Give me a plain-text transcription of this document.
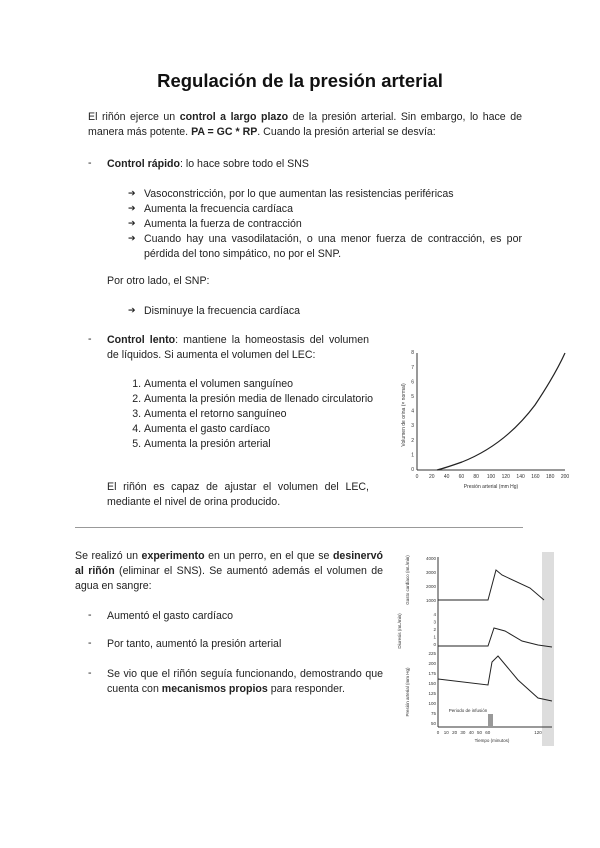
Regulación de la presión arterial

El riñón ejerce un control a largo plazo de la presión arterial. Sin embargo, lo hace de manera más potente. PA = GC * RP. Cuando la presión arterial se desvía:

- Control rápido: lo hace sobre todo el SNS

➔ Vasoconstricción, por lo que aumentan las resistencias periféricas
➔ Aumenta la frecuencia cardíaca
➔ Aumenta la fuerza de contracción
➔ Cuando hay una vasodilatación, o una menor fuerza de contracción, es por pérdida del tono simpático, no por el SNP.

Por otro lado, el SNP:

➔ Disminuye la frecuencia cardíaca
- Control lento: mantiene la homeostasis del volumen de líquidos. Si aumenta el volumen del LEC:

1. Aumenta el volumen sanguíneo
2. Aumenta la presión media de llenado circulatorio
3. Aumenta el retorno sanguíneo
4. Aumenta el gasto cardíaco
5. Aumenta la presión arterial

El riñón es capaz de ajustar el volumen del LEC, mediante el nivel de orina producido.

Volumen de orina (× normal)
0
1
2
3
4
5
6
7
8
0 20 40 60 80 100 120 140 160 180 200
Presión arterial (mm Hg)

Se realizó un experimento en un perro, en el que se desinervó al riñón (eliminar el SNS). Se aumentó además el volumen de agua en sangre:

- Aumentó el gasto cardíaco

- Por tanto, aumentó la presión arterial

- Se vio que el riñón seguía funcionando, demostrando que cuenta con mecanismos propios para responder.

Gasto cardíaco (mL/min)
Diuresis (mL/min)
Presión arterial (mm Hg)
4000
3000
2000
1000
4
3
2
1
0
225
200
175
150
125
100
75
50
0 10 20 30 40 50 60	120
Periodo de infusión
Tiempo (minutos)
